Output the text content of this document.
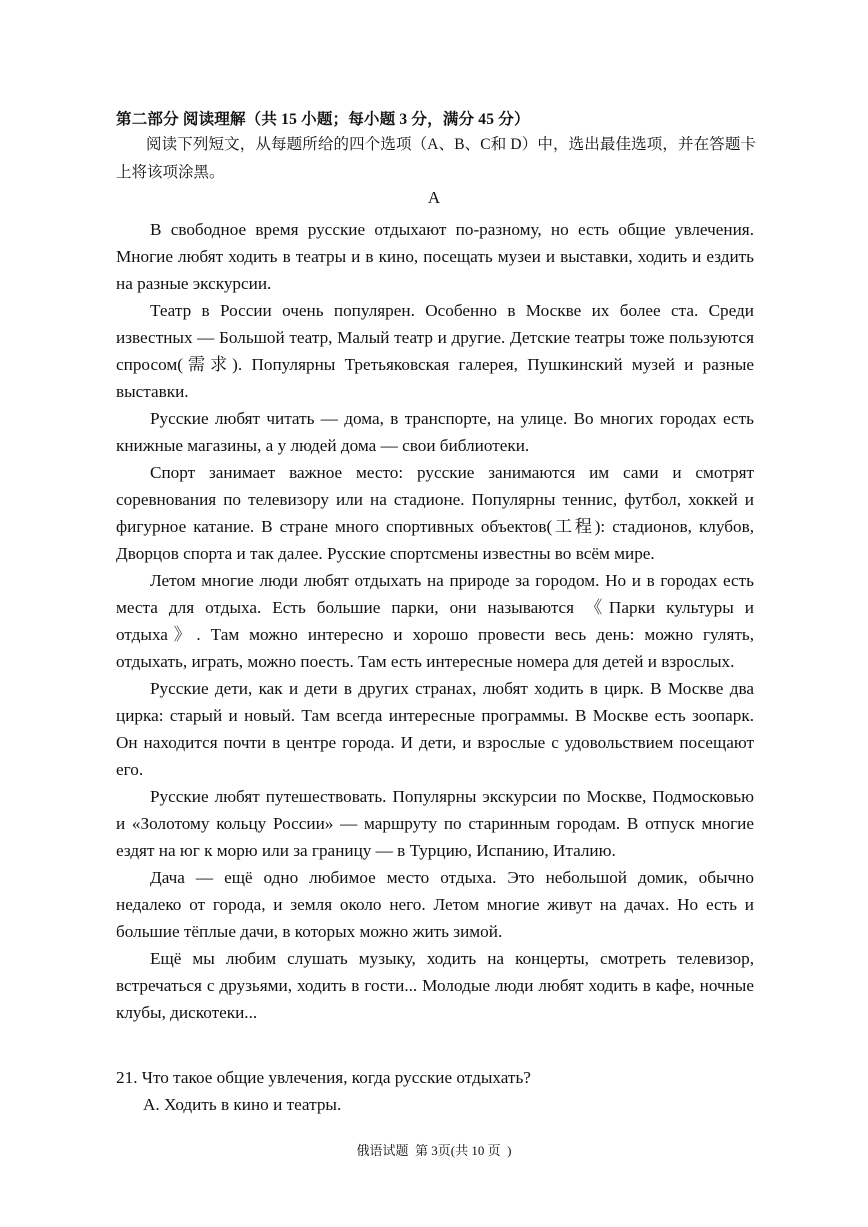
第二部分 阅读理解（共 15 小题；每小题 3 分，满分 45 分）
阅读下列短文，从每题所给的四个选项（A、B、C和 D）中，选出最佳选项，并在答题卡上将该项涂黑。
A

В свободное время русские отдыхают по-разному, но есть общие увлечения. Многие любят ходить в театры и в кино, посещать музеи и выставки, ходить и ездить на разные экскурсии.

Театр в России очень популярен. Особенно в Москве их более ста. Среди известных — Большой театр, Малый театр и другие. Детские театры тоже пользуются спросом(需求). Популярны Третьяковская галерея, Пушкинский музей и разные выставки.

Русские любят читать — дома, в транспорте, на улице. Во многих городах есть книжные магазины, а у людей дома — свои библиотеки.

Спорт занимает важное место: русские занимаются им сами и смотрят соревнования по телевизору или на стадионе. Популярны теннис, футбол, хоккей и фигурное катание. В стране много спортивных объектов(工程): стадионов, клубов, Дворцов спорта и так далее. Русские спортсмены известны во всём мире.

Летом многие люди любят отдыхать на природе за городом. Но и в городах есть места для отдыха. Есть большие парки, они называются 《Парки культуры и отдыха》. Там можно интересно и хорошо провести весь день: можно гулять, отдыхать, играть, можно поесть. Там есть интересные номера для детей и взрослых.

Русские дети, как и дети в других странах, любят ходить в цирк. В Москве два цирка: старый и новый. Там всегда интересные программы. В Москве есть зоопарк. Он находится почти в центре города. И дети, и взрослые с удовольствием посещают его.

Русские любят путешествовать. Популярны экскурсии по Москве, Подмосковью и «Золотому кольцу России» — маршруту по старинным городам. В отпуск многие ездят на юг к морю или за границу — в Турцию, Испанию, Италию.

Дача — ещё одно любимое место отдыха. Это небольшой домик, обычно недалеко от города, и земля около него. Летом многие живут на дачах. Но есть и большие тёплые дачи, в которых можно жить зимой.

Ещё мы любим слушать музыку, ходить на концерты, смотреть телевизор, встречаться с друзьями, ходить в гости... Молодые люди любят ходить в кафе, ночные клубы, дискотеки...

21. Что такое общие увлечения, когда русские отдыхать?
A. Ходить в кино и театры.
俄语试题  第 3页(共 10 页  )
